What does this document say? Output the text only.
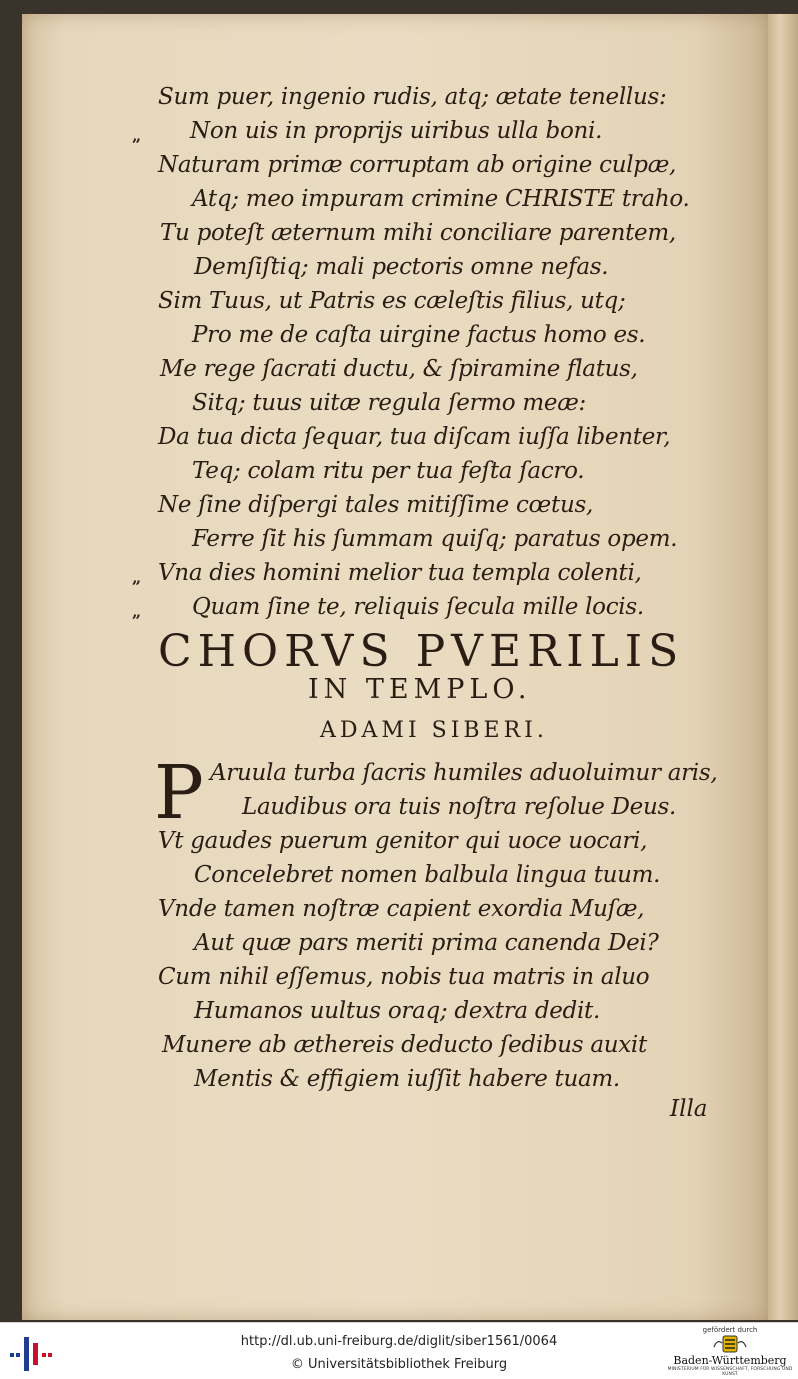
Sum puer, ingenio rudis, atq; ætate tenellus:
„ Non uis in proprijs uiribus ulla boni.
Naturam primæ corruptam ab origine culpæ,
Atq; meo impuram crimine CHRISTE traho.
Tu poteſt æternum mihi conciliare parentem,
Demſiſtiq; mali pectoris omne nefas.
Sim Tuus, ut Patris es cæleſtis filius, utq;
Pro me de caſta uirgine factus homo es.
Me rege ſacrati ductu, & ſpiramine flatus,
Sitq; tuus uitæ regula ſermo meæ:
Da tua dicta ſequar, tua diſcam iuſſa libenter,
Teq; colam ritu per tua feſta ſacro.
Ne ſine diſpergi tales mitiſſime cœtus,
Ferre ſit his ſummam quiſq; paratus opem.
„ Vna dies homini melior tua templa colenti,
„ Quam ſine te, reliquis ſecula mille locis.
CHORVS PVERILIS
IN TEMPLO.
ADAMI SIBERI.
P Aruula turba ſacris humiles aduoluimur aris,
Laudibus ora tuis noſtra reſolue Deus.
Vt gaudes puerum genitor qui uoce uocari,
Concelebret nomen balbula lingua tuum.
Vnde tamen noſtræ capient exordia Muſæ,
Aut quæ pars meriti prima canenda Dei?
Cum nihil eſſemus, nobis tua matris in aluo
Humanos uultus oraq; dextra dedit.
Munere ab æthereis deducto ſedibus auxit
Mentis & effigiem iuſſit habere tuam.
Illa
http://dl.ub.uni-freiburg.de/diglit/siber1561/0064
© Universitätsbibliothek Freiburg
gefördert durch
Baden-Württemberg
MINISTERIUM FÜR WISSENSCHAFT, FORSCHUNG UND KUNST
